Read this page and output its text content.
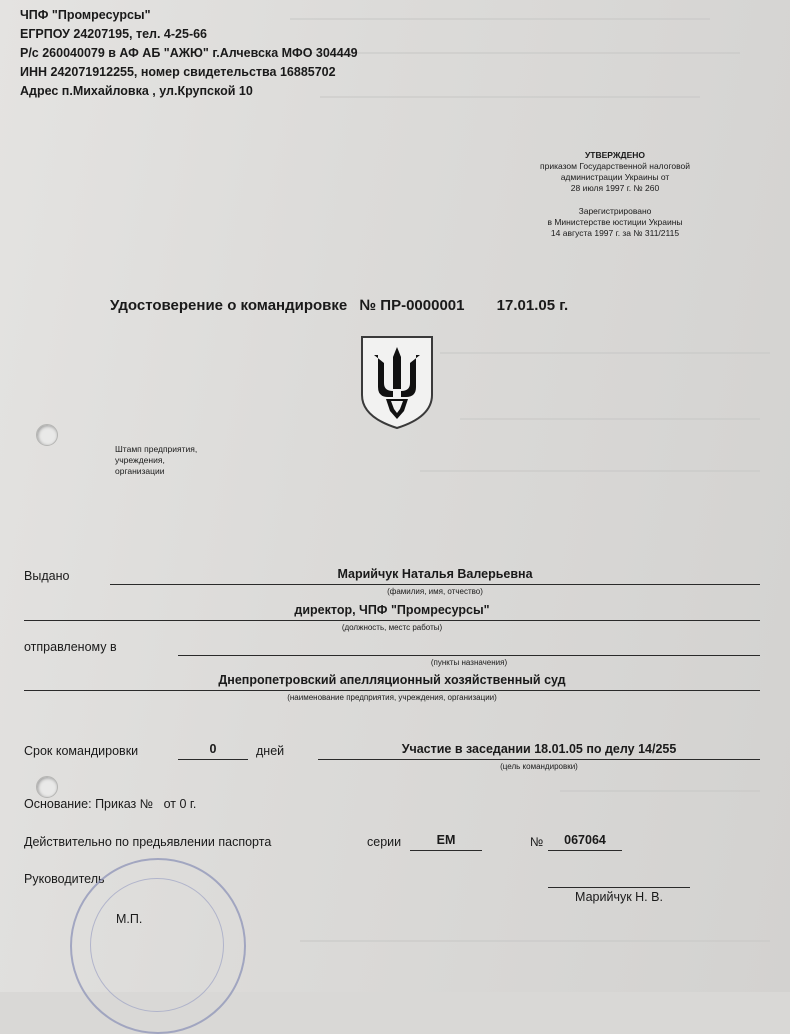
ЧПФ "Промресурсы"
ЕГРПОУ 24207195, тел. 4-25-66
Р/с 260040079 в АФ АБ "АЖЮ" г.Алчевска МФО 304449
ИНН 242071912255, номер свидетельства 16885702
Адрес п.Михайловка , ул.Крупской 10
УТВЕРЖДЕНО
приказом Государственной налоговой
администрации Украины от
28 июля 1997 г. № 260
Зарегистрировано
в Министерстве юстиции Украины
14 августа 1997 г. за № 311/2115
Удостоверение о командировке № ПР-0000001 17.01.05 г.
Штамп предприятия,
учреждения,
организации
Выдано	Марийчук Наталья Валерьевна
(фамилия, имя, отчество)
директор, ЧПФ "Промресурсы"
(должность, местс работы)
отправленому в
(пункты назначения)
Днепропетровский апелляционный хозяйственный суд
(наименование предприятия, учреждения, организации)
Срок командировки	0	дней	Участие в заседании 18.01.05 по делу 14/255
(цель командировки)
Основание: Приказ №   от 0 г.
Действительно по предьявлении паспорта	серии	ЕМ	№	067064
Руководитель
Марийчук Н. В.
М.П.
